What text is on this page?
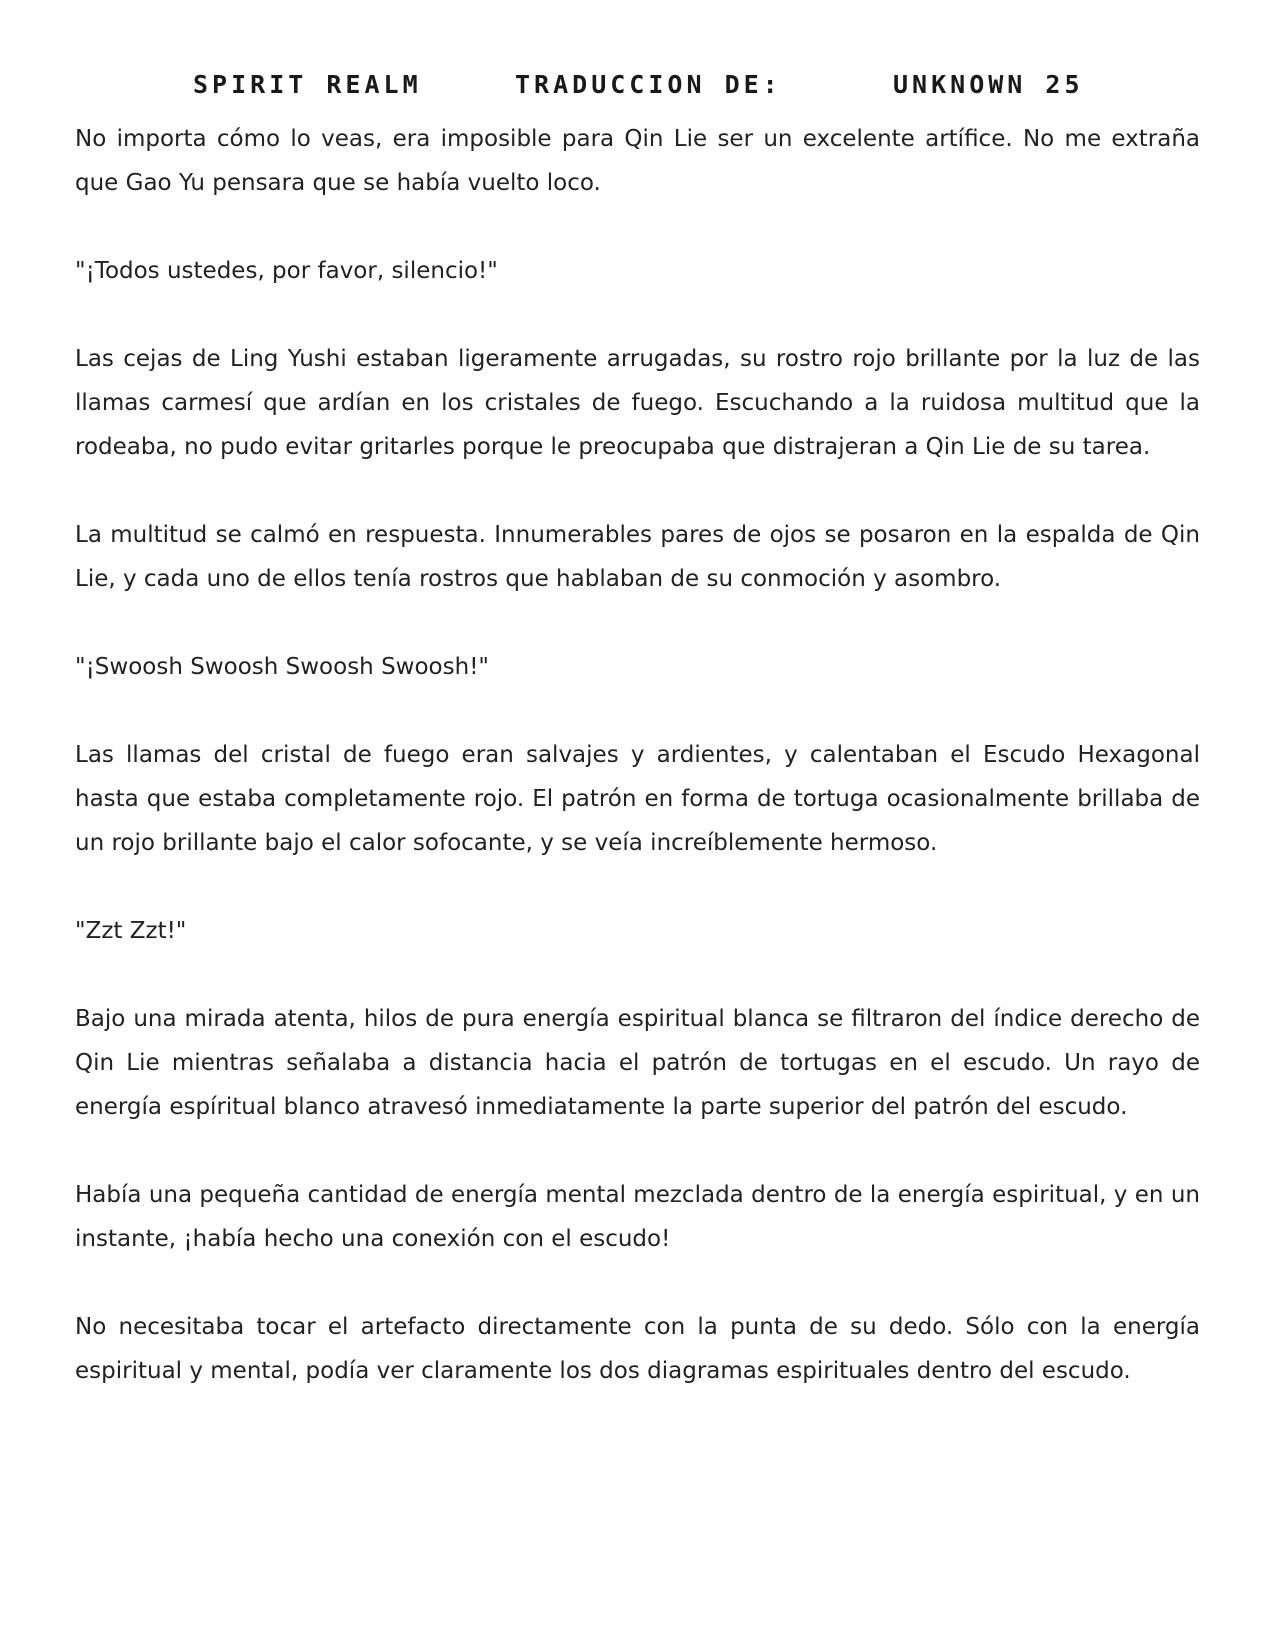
SPIRIT REALM	TRADUCCION DE:	UNKNOWN 25

No importa cómo lo veas, era imposible para Qin Lie ser un excelente artífice. No me extraña que Gao Yu pensara que se había vuelto loco.

"¡Todos ustedes, por favor, silencio!"

Las cejas de Ling Yushi estaban ligeramente arrugadas, su rostro rojo brillante por la luz de las llamas carmesí que ardían en los cristales de fuego. Escuchando a la ruidosa multitud que la rodeaba, no pudo evitar gritarles porque le preocupaba que distrajeran a Qin Lie de su tarea.

La multitud se calmó en respuesta. Innumerables pares de ojos se posaron en la espalda de Qin Lie, y cada uno de ellos tenía rostros que hablaban de su conmoción y asombro.

"¡Swoosh Swoosh Swoosh Swoosh!"

Las llamas del cristal de fuego eran salvajes y ardientes, y calentaban el Escudo Hexagonal hasta que estaba completamente rojo. El patrón en forma de tortuga ocasionalmente brillaba de un rojo brillante bajo el calor sofocante, y se veía increíblemente hermoso.

"Zzt Zzt!"

Bajo una mirada atenta, hilos de pura energía espiritual blanca se filtraron del índice derecho de Qin Lie mientras señalaba a distancia hacia el patrón de tortugas en el escudo. Un rayo de energía espíritual blanco atravesó inmediatamente la parte superior del patrón del escudo.

Había una pequeña cantidad de energía mental mezclada dentro de la energía espiritual, y en un instante, ¡había hecho una conexión con el escudo!

No necesitaba tocar el artefacto directamente con la punta de su dedo. Sólo con la energía espiritual y mental, podía ver claramente los dos diagramas espirituales dentro del escudo.
